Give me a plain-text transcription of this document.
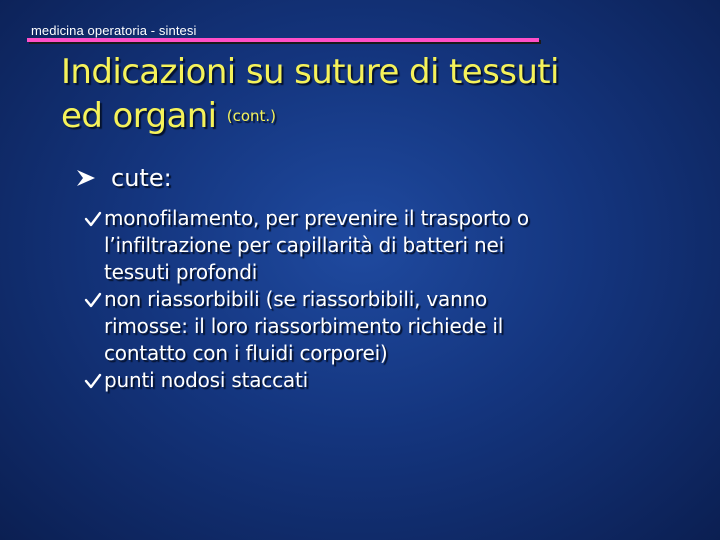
medicina operatoria - sintesi
Indicazioni su suture di tessuti
ed organi (cont.)
cute:
monofilamento, per prevenire il trasporto o
l’infiltrazione per capillarità di batteri nei
tessuti profondi
non riassorbibili (se riassorbibili, vanno
rimosse: il loro riassorbimento richiede il
contatto con i fluidi corporei)
punti nodosi staccati
